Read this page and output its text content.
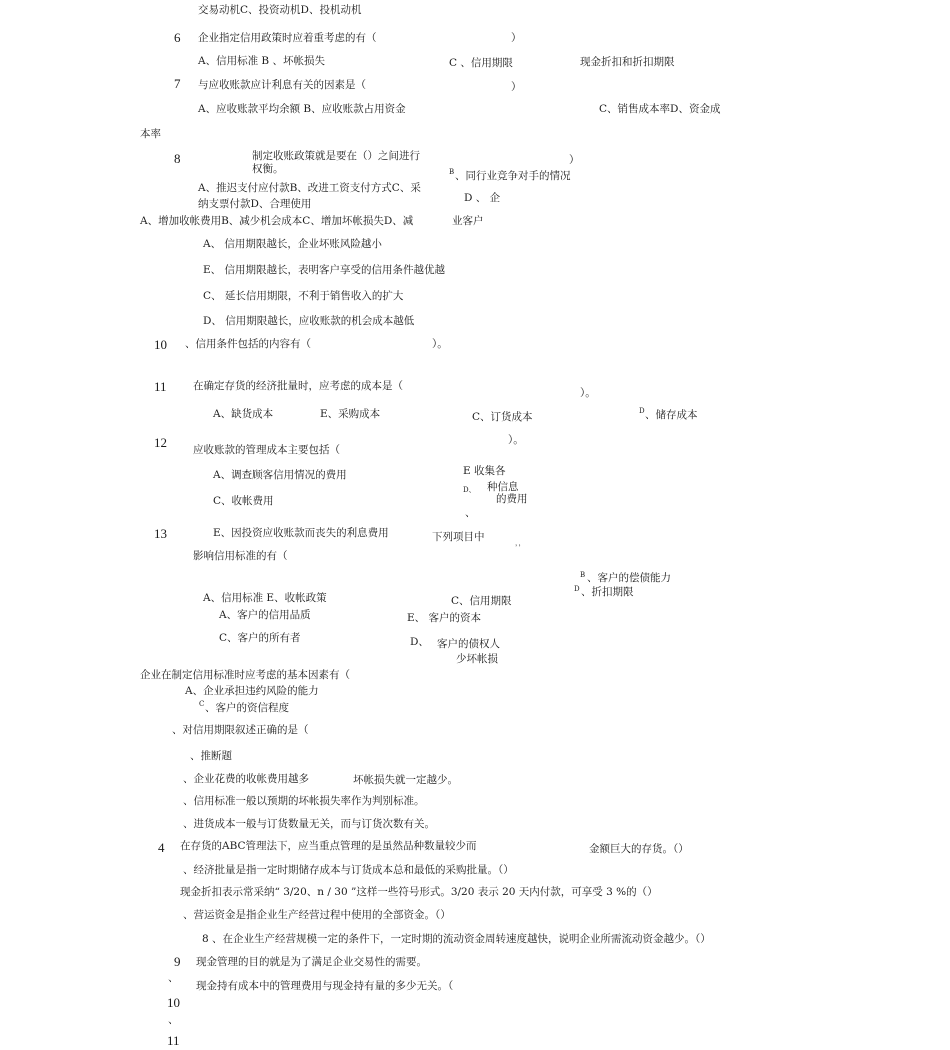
交易动机C、投资动机D、投机动机
6 企业指定信用政策时应着重考虑的有（	）
A、信用标准 B 、坏帐损失	C 、信用期限	现金折扣和折扣期限
7 与应收账款应计利息有关的因素是（	）
A、应收账款平均余额 B、应收账款占用资金	C、销售成本率D、资金成
本率
8	制定收账政策就是要在（）之间进行
权衡。
）
B 、同行业竞争对手的情况
A、推迟支付应付款B、改进工资支付方式C、采
纳支票付款D、合理使用	D 、 企
A、增加收帐费用B、减少机会成本C、增加坏帐损失D、减	业客户
A、 信用期限越长，企业坏账风险越小
E、 信用期限越长，表明客户享受的信用条件越优越
C、 延长信用期限，不利于销售收入的扩大
D、 信用期限越长，应收账款的机会成本越低
10 、信用条件包括的内容有（	）。
11	在确定存货的经济批量时，应考虑的成本是（
）。
A、缺货成本	E、采购成本	C、订货成本	D 、储存成本
12	）。
应收账款的管理成本主要包括（
A、调查顾客信用情况的费用	E 收集各
D、 种信息
的费用
C、收帐费用
、
13	E、因投资应收账款而丧失的利息费用	下列项目中	，，
影响信用标准的有（
B 、客户的偿债能力
D 、折扣期限
A、信用标准 E、收帐政策	C、信用期限
A、客户的信用品质	E、 客户的资本
C、客户的所有者	D、 客户的债权人
少坏帐损
企业在制定信用标准时应考虑的基本因素有（
A、企业承担违约风险的能力
C 、客户的资信程度
、对信用期限叙述正确的是（
、推断题
、企业花费的收帐费用越多	坏帐损失就一定越少。
、信用标准一般以预期的坏帐损失率作为判别标准。
、进货成本一般与订货数量无关，而与订货次数有关。
4 在存货的ABC管理法下，应当重点管理的是虽然品种数量较少而	金额巨大的存货。（）
、经济批量是指一定时期储存成本与订货成本总和最低的采购批量。（）
现金折扣表示常采纳“ 3/20、n / 30 ”这样一些符号形式。3/20 表示 20 天内付款，可享受 3 %的（）
、营运资金是指企业生产经营过程中使用的全部资金。（）
8 、在企业生产经营规模一定的条件下，一定时期的流动资金周转速度越快，说明企业所需流动资金越少。（）
9 现金管理的目的就是为了满足企业交易性的需要。
、
现金持有成本中的管理费用与现金持有量的多少无关。（
10
、
11
